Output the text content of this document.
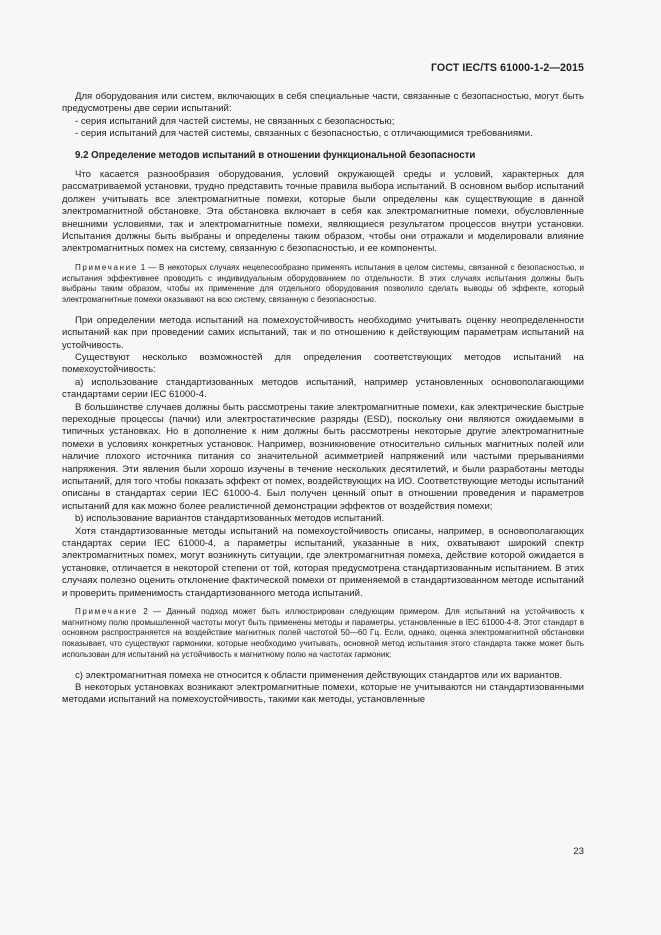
ГОСТ IEC/TS 61000-1-2—2015

Для оборудования или систем, включающих в себя специальные части, связанные с безопасностью, могут быть предусмотрены две серии испытаний:

- серия испытаний для частей системы, не связанных с безопасностью;

- серия испытаний для частей системы, связанных с безопасностью, с отличающимися требованиями.

9.2 Определение методов испытаний в отношении функциональной безопасности

Что касается разнообразия оборудования, условий окружающей среды и условий, характерных для рассматриваемой установки, трудно представить точные правила выбора испытаний. В основном выбор испытаний должен учитывать все электромагнитные помехи, которые были определены как существующие в данной электромагнитной обстановке. Эта обстановка включает в себя как электромагнитные помехи, обусловленные внешними условиями, так и электромагнитные помехи, являющиеся результатом процессов внутри установки. Испытания должны быть выбраны и определены таким образом, чтобы они отражали и моделировали влияние электромагнитных помех на систему, связанную с безопасностью, и ее компоненты.

Примечание 1 — В некоторых случаях нецелесообразно применять испытания в целом системы, связанной с безопасностью, и испытания эффективнее проводить с индивидуальным оборудованием по отдельности. В этих случаях испытания должны быть выбраны таким образом, чтобы их применение для отдельного оборудования позволило сделать выводы об эффекте, который электромагнитные помехи оказывают на всю систему, связанную с безопасностью.

При определении метода испытаний на помехоустойчивость необходимо учитывать оценку неопределенности испытаний как при проведении самих испытаний, так и по отношению к действующим параметрам испытаний на устойчивость.

Существуют несколько возможностей для определения соответствующих методов испытаний на помехоустойчивость:

а) использование стандартизованных методов испытаний, например установленных основополагающими стандартами серии IEC 61000-4.

В большинстве случаев должны быть рассмотрены такие электромагнитные помехи, как электрические быстрые переходные процессы (пачки) или электростатические разряды (ESD), поскольку они являются ожидаемыми в типичных установках. Но в дополнение к ним должны быть рассмотрены некоторые другие электромагнитные помехи в условиях конкретных установок. Например, возникновение относительно сильных магнитных полей или наличие плохого источника питания со значительной асимметрией напряжений или частыми прерываниями напряжения. Эти явления были хорошо изучены в течение нескольких десятилетий, и были разработаны методы испытаний, для того чтобы показать эффект от помех, воздействующих на ИО. Соответствующие методы испытаний описаны в стандартах серии IEC 61000-4. Был получен ценный опыт в отношении проведения и параметров испытаний для как можно более реалистичной демонстрации эффектов от воздействия помехи;

b) использование вариантов стандартизованных методов испытаний.

Хотя стандартизованные методы испытаний на помехоустойчивость описаны, например, в основополагающих стандартах серии IEC 61000-4, а параметры испытаний, указанные в них, охватывают широкий спектр электромагнитных помех, могут возникнуть ситуации, где электромагнитная помеха, действие которой ожидается в установке, отличается в некоторой степени от той, которая предусмотрена стандартизованным испытанием. В этих случаях полезно оценить отклонение фактической помехи от применяемой в стандартизованном методе испытаний и проверить применимость стандартизованного метода испытаний.

Примечание 2 — Данный подход может быть иллюстрирован следующим примером. Для испытаний на устойчивость к магнитному полю промышленной частоты могут быть применены методы и параметры, установленные в IEC 61000-4-8. Этот стандарт в основном распространяется на воздействие магнитных полей частотой 50—60 Гц. Если, однако, оценка электромагнитной обстановки показывает, что существуют гармоники, которые необходимо учитывать, основной метод испытания этого стандарта также может быть использован для испытаний на устойчивость к магнитному полю на частотах гармоник;

c) электромагнитная помеха не относится к области применения действующих стандартов или их вариантов.

В некоторых установках возникают электромагнитные помехи, которые не учитываются ни стандартизованными методами испытаний на помехоустойчивость, такими как методы, установленные

23
